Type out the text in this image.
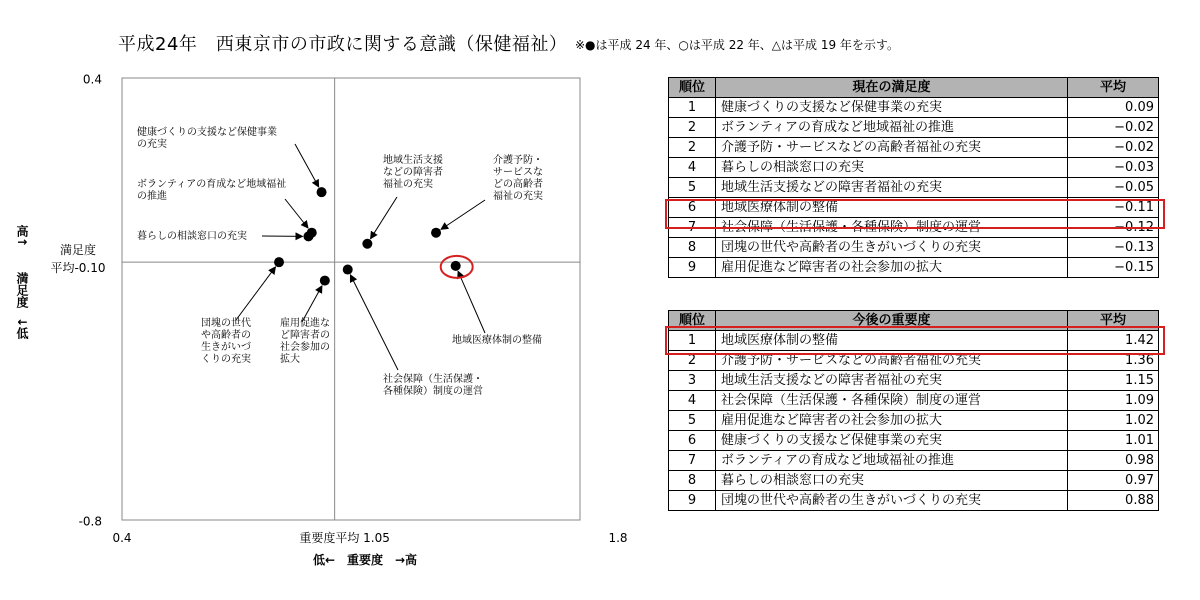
平成24年　西東京市の市政に関する意識（保健福祉） ※●は平成 24 年、○は平成 22 年、△は平成 19 年を示す。
0.4
-0.8
0.4	1.8
重要度平均 1.05
低←　重要度　→高
満足度
平均-0.10
高↑
満足度
↓低
健康づくりの支援など保健事業
の充実
ボランティアの育成など地域福祉
の推進
暮らしの相談窓口の充実
地域生活支援
などの障害者
福祉の充実
介護予防・
サービスな
どの高齢者
福祉の充実
団塊の世代
や高齢者の
生きがいづ
くりの充実
雇用促進な
ど障害者の
社会参加の
拡大
社会保障（生活保護・
各種保険）制度の運営
地域医療体制の整備
順位	現在の満足度	平均
1	健康づくりの支援など保健事業の充実	0.09
2	ボランティアの育成など地域福祉の推進	−0.02
2	介護予防・サービスなどの高齢者福祉の充実	−0.02
4	暮らしの相談窓口の充実	−0.03
5	地域生活支援などの障害者福祉の充実	−0.05
6	地域医療体制の整備	−0.11
7	社会保障（生活保護・各種保険）制度の運営	−0.12
8	団塊の世代や高齢者の生きがいづくりの充実	−0.13
9	雇用促進など障害者の社会参加の拡大	−0.15
順位	今後の重要度	平均
1	地域医療体制の整備	1.42
2	介護予防・サービスなどの高齢者福祉の充実	1.36
3	地域生活支援などの障害者福祉の充実	1.15
4	社会保障（生活保護・各種保険）制度の運営	1.09
5	雇用促進など障害者の社会参加の拡大	1.02
6	健康づくりの支援など保健事業の充実	1.01
7	ボランティアの育成など地域福祉の推進	0.98
8	暮らしの相談窓口の充実	0.97
9	団塊の世代や高齢者の生きがいづくりの充実	0.88
